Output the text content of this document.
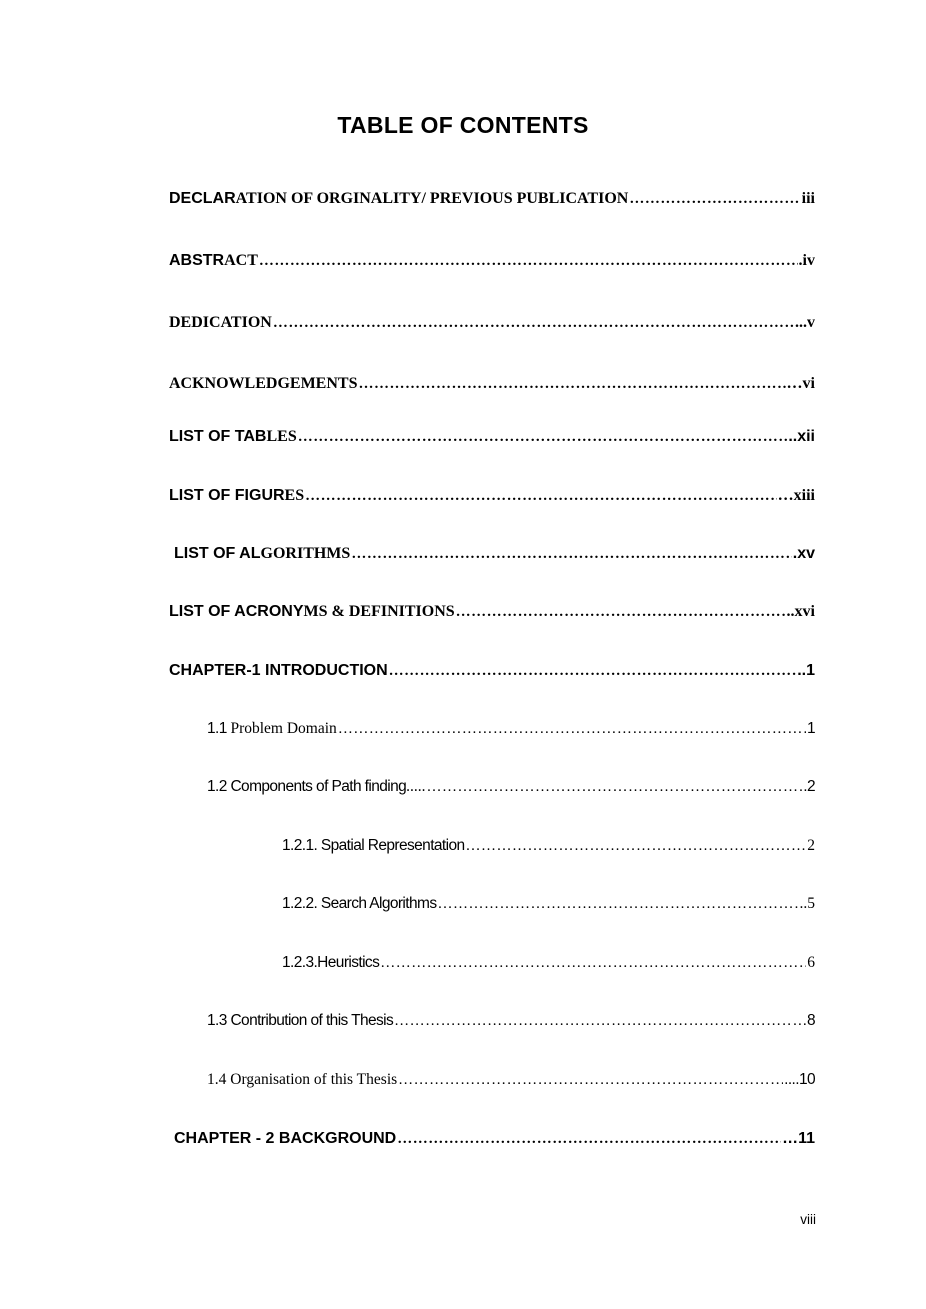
TABLE OF CONTENTS
DECLARATION OF ORGINALITY/ PREVIOUS PUBLICATION …………………………………………………………………………………………………………………………………………………………………………………………	iii
ABSTRACT …………………………………………………………………………………………………………………………………………………………………………………………	.iv
DEDICATION …………………………………………………………………………………………………………………………………………………………………………………………	...v
ACKNOWLEDGEMENTS …………………………………………………………………………………………………………………………………………………………………………………………	…vi
LIST OF TABLES …………………………………………………………………………………………………………………………………………………………………………………………	..xii
LIST OF FIGURES …………………………………………………………………………………………………………………………………………………………………………………………	…xiii
LIST OF ALGORITHMS …………………………………………………………………………………………………………………………………………………………………………………………	.xv
LIST OF ACRONYMS & DEFINITIONS …………………………………………………………………………………………………………………………………………………………………………………………	..xvi
CHAPTER-1 INTRODUCTION …………………………………………………………………………………………………………………………………………………………………………………………	..1
1.1 Problem Domain …………………………………………………………………………………………………………………………………………………………………………………………	1
1.2 Components of Path finding..... …………………………………………………………………………………………………………………………………………………………………………………………	.2
1.2.1. Spatial Representation …………………………………………………………………………………………………………………………………………………………………………………………	2
1.2.2. Search Algorithms …………………………………………………………………………………………………………………………………………………………………………………………	..5
1.2.3.Heuristics …………………………………………………………………………………………………………………………………………………………………………………………	6
1.3 Contribution of this Thesis …………………………………………………………………………………………………………………………………………………………………………………………	…8
1.4 Organisation of this Thesis …………………………………………………………………………………………………………………………………………………………………………………………	....10
CHAPTER - 2 BACKGROUND …………………………………………………………………………………………………………………………………………………………………………………………	…11
viii
